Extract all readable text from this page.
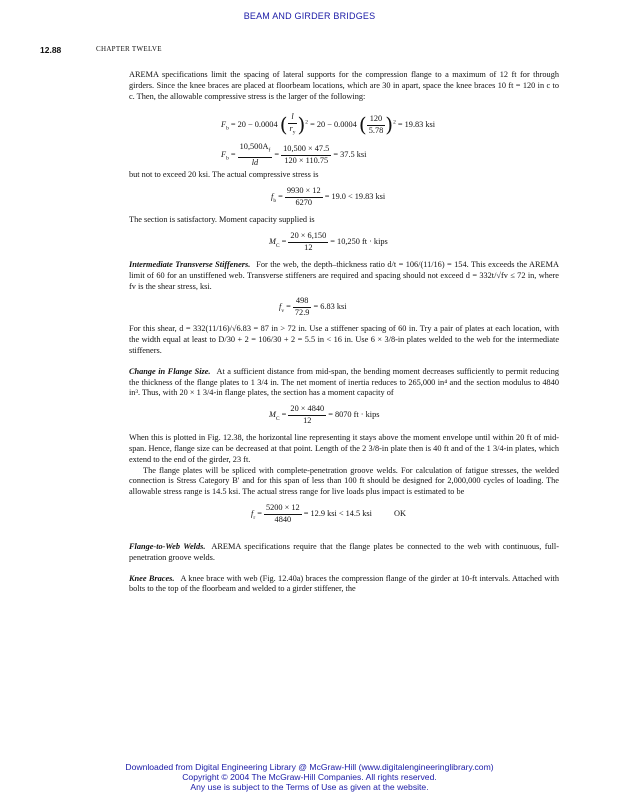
BEAM AND GIRDER BRIDGES
12.88	CHAPTER TWELVE

AREMA specifications limit the spacing of lateral supports for the compression flange to a maximum of 12 ft for through girders. Since the knee braces are placed at floorbeam locations, which are 30 in apart, space the knee braces 10 ft = 120 in c to c. Then, the allowable compressive stress is the larger of the following:

$F_b = 20 - 0.0004$ ( $\frac{l}{r_y} )^2 = 20 - 0.0004$ ( $\frac{120}{5.78} )^2 = 19.83$ ksi
$F_b = \frac{10,500A_f}{ld} = \frac{10,500 \times 47.5}{120 \times 110.75} = 37.5$ ksi

but not to exceed 20 ksi. The actual compressive stress is

$f_b = \frac{9930 \times 12}{6270} = 19.0 < 19.83$ ksi

The section is satisfactory. Moment capacity supplied is

$M_C = \frac{20 \times 6,150}{12} = 10,250$ ft · kips

Intermediate Transverse Stiffeners. For the web, the depth–thickness ratio d/t = 106/(11/16) = 154. This exceeds the AREMA limit of 60 for an unstiffened web. Transverse stiffeners are required and spacing should not exceed d = 332t/√fv ≤ 72 in, where fv is the shear stress, ksi.

$f_v = \frac{498}{72.9} = 6.83$ ksi

For this shear, d = 332(11/16)/√6.83 = 87 in > 72 in. Use a stiffener spacing of 60 in. Try a pair of plates at each location, with the width equal at least to D/30 + 2 = 106/30 + 2 = 5.5 in < 16 in. Use 6 × 3/8-in plates welded to the web for the intermediate stiffeners.

Change in Flange Size. At a sufficient distance from mid-span, the bending moment decreases sufficiently to permit reducing the thickness of the flange plates to 1 3/4 in. The net moment of inertia reduces to 265,000 in⁴ and the section modulus to 4840 in³. Thus, with 20 × 1 3/4-in flange plates, the section has a moment capacity of

$M_C = \frac{20 \times 4840}{12} = 8070$ ft · kips

When this is plotted in Fig. 12.38, the horizontal line representing it stays above the moment envelope until within 20 ft of mid-span. Hence, flange size can be decreased at that point. Length of the 2 3/8-in plate then is 40 ft and of the 1 3/4-in plates, which extend to the end of the girder, 23 ft.

The flange plates will be spliced with complete-penetration groove welds. For calculation of fatigue stresses, the welded connection is Stress Category B′ and for this span of less than 100 ft should be designed for 2,000,000 cycles of loading. The allowable stress range is 14.5 ksi. The actual stress range for live loads plus impact is estimated to be

$f_r = \frac{5200 \times 12}{4840} = 12.9$ ksi < 14.5 ksi	OK

Flange-to-Web Welds. AREMA specifications require that the flange plates be connected to the web with continuous, full-penetration groove welds.

Knee Braces. A knee brace with web (Fig. 12.40a) braces the compression flange of the girder at 10-ft intervals. Attached with bolts to the top of the floorbeam and welded to a girder stiffener, the

Downloaded from Digital Engineering Library @ McGraw-Hill (www.digitalengineeringlibrary.com)
Copyright © 2004 The McGraw-Hill Companies. All rights reserved.
Any use is subject to the Terms of Use as given at the website.
